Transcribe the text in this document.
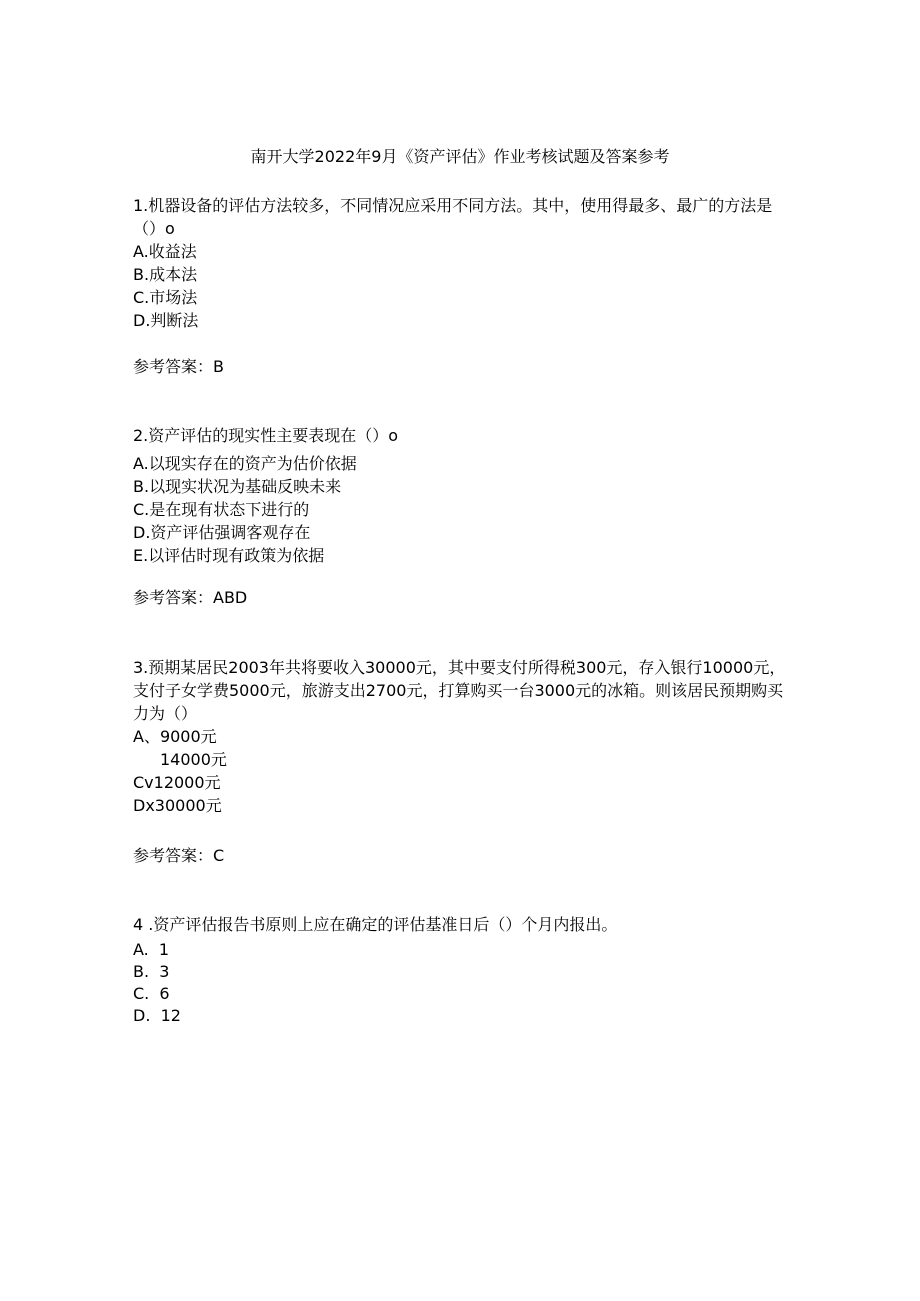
南开大学2022年9月《资产评估》作业考核试题及答案参考

1.机器设备的评估方法较多，不同情况应采用不同方法。其中，使用得最多、最广的方法是（）o

A.收益法

B.成本法

C.市场法

D.判断法

参考答案：B

2.资产评估的现实性主要表现在（）o

A.以现实存在的资产为估价依据

B.以现实状况为基础反映未来

C.是在现有状态下进行的

D.资产评估强调客观存在

E.以评估时现有政策为依据

参考答案：ABD

3.预期某居民2003年共将要收入30000元，其中要支付所得税300元，存入银行10000元，支付子女学费5000元，旅游支出2700元，打算购买一台3000元的冰箱。则该居民预期购买力为（）

A、9000元

14000元

Cv12000元

Dx30000元

参考答案：C

4 .资产评估报告书原则上应在确定的评估基准日后（）个月内报出。

A.  1

B.  3

C.  6

D.  12
